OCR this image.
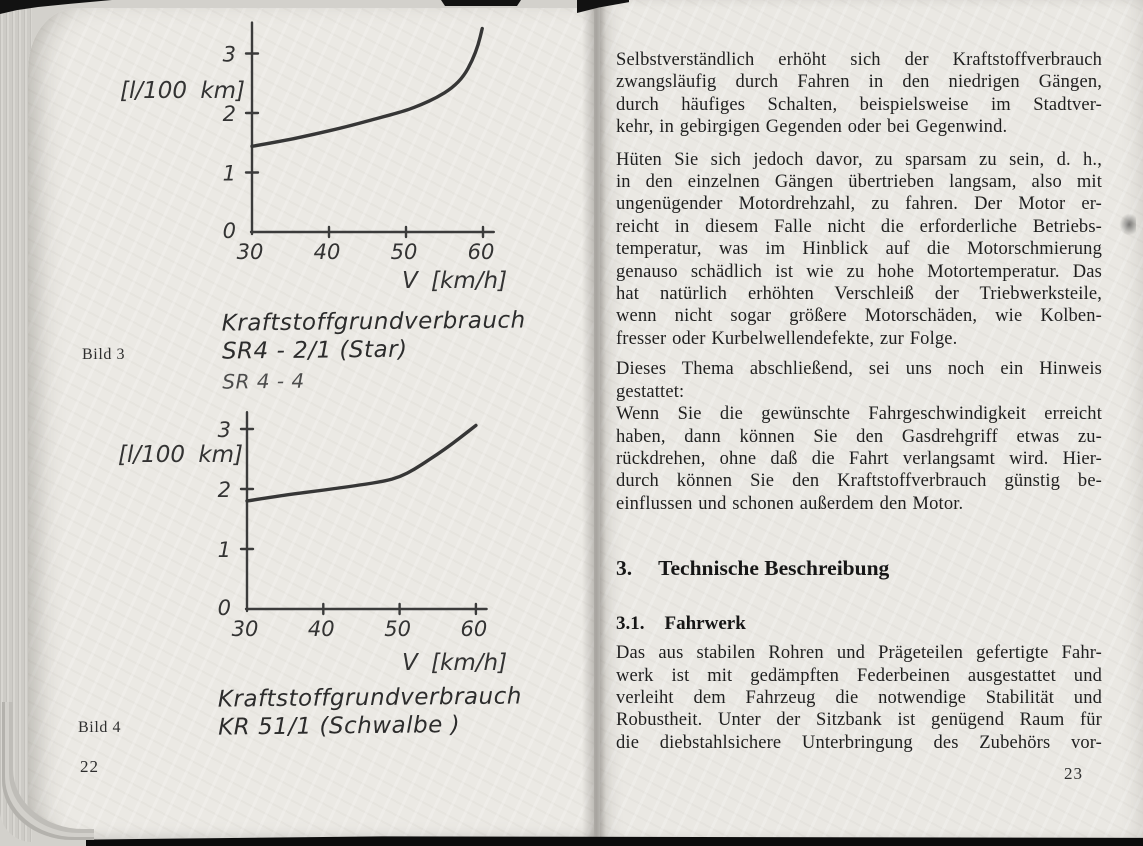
0
1
2
3
30 40 50 60
[l/100 km]
V [km/h]
Kraftstoffgrundverbrauch
SR4 - 2/1 (Star)
SR 4 - 4
Bild 3
0
1
2
3
30 40 50 60
[l/100 km]
V [km/h]
Kraftstoffgrundverbrauch
KR 51/1 (Schwalbe )
Bild 4
22
Selbstverständlich erhöht sich der Kraftstoffverbrauch
zwangsläufig durch Fahren in den niedrigen Gängen,
durch häufiges Schalten, beispielsweise im Stadtver-
kehr, in gebirgigen Gegenden oder bei Gegenwind.
Hüten Sie sich jedoch davor, zu sparsam zu sein, d. h.,
in den einzelnen Gängen übertrieben langsam, also mit
ungenügender Motordrehzahl, zu fahren. Der Motor er-
reicht in diesem Falle nicht die erforderliche Betriebs-
temperatur, was im Hinblick auf die Motorschmierung
genauso schädlich ist wie zu hohe Motortemperatur. Das
hat natürlich erhöhten Verschleiß der Triebwerksteile,
wenn nicht sogar größere Motorschäden, wie Kolben-
fresser oder Kurbelwellendefekte, zur Folge.
Dieses Thema abschließend, sei uns noch ein Hinweis
gestattet:
Wenn Sie die gewünschte Fahrgeschwindigkeit erreicht
haben, dann können Sie den Gasdrehgriff etwas zu-
rückdrehen, ohne daß die Fahrt verlangsamt wird. Hier-
durch können Sie den Kraftstoffverbrauch günstig be-
einflussen und schonen außerdem den Motor.
3. Technische Beschreibung
3.1. Fahrwerk
Das aus stabilen Rohren und Prägeteilen gefertigte Fahr-
werk ist mit gedämpften Federbeinen ausgestattet und
verleiht dem Fahrzeug die notwendige Stabilität und
Robustheit. Unter der Sitzbank ist genügend Raum für
die diebstahlsichere Unterbringung des Zubehörs vor-
23
